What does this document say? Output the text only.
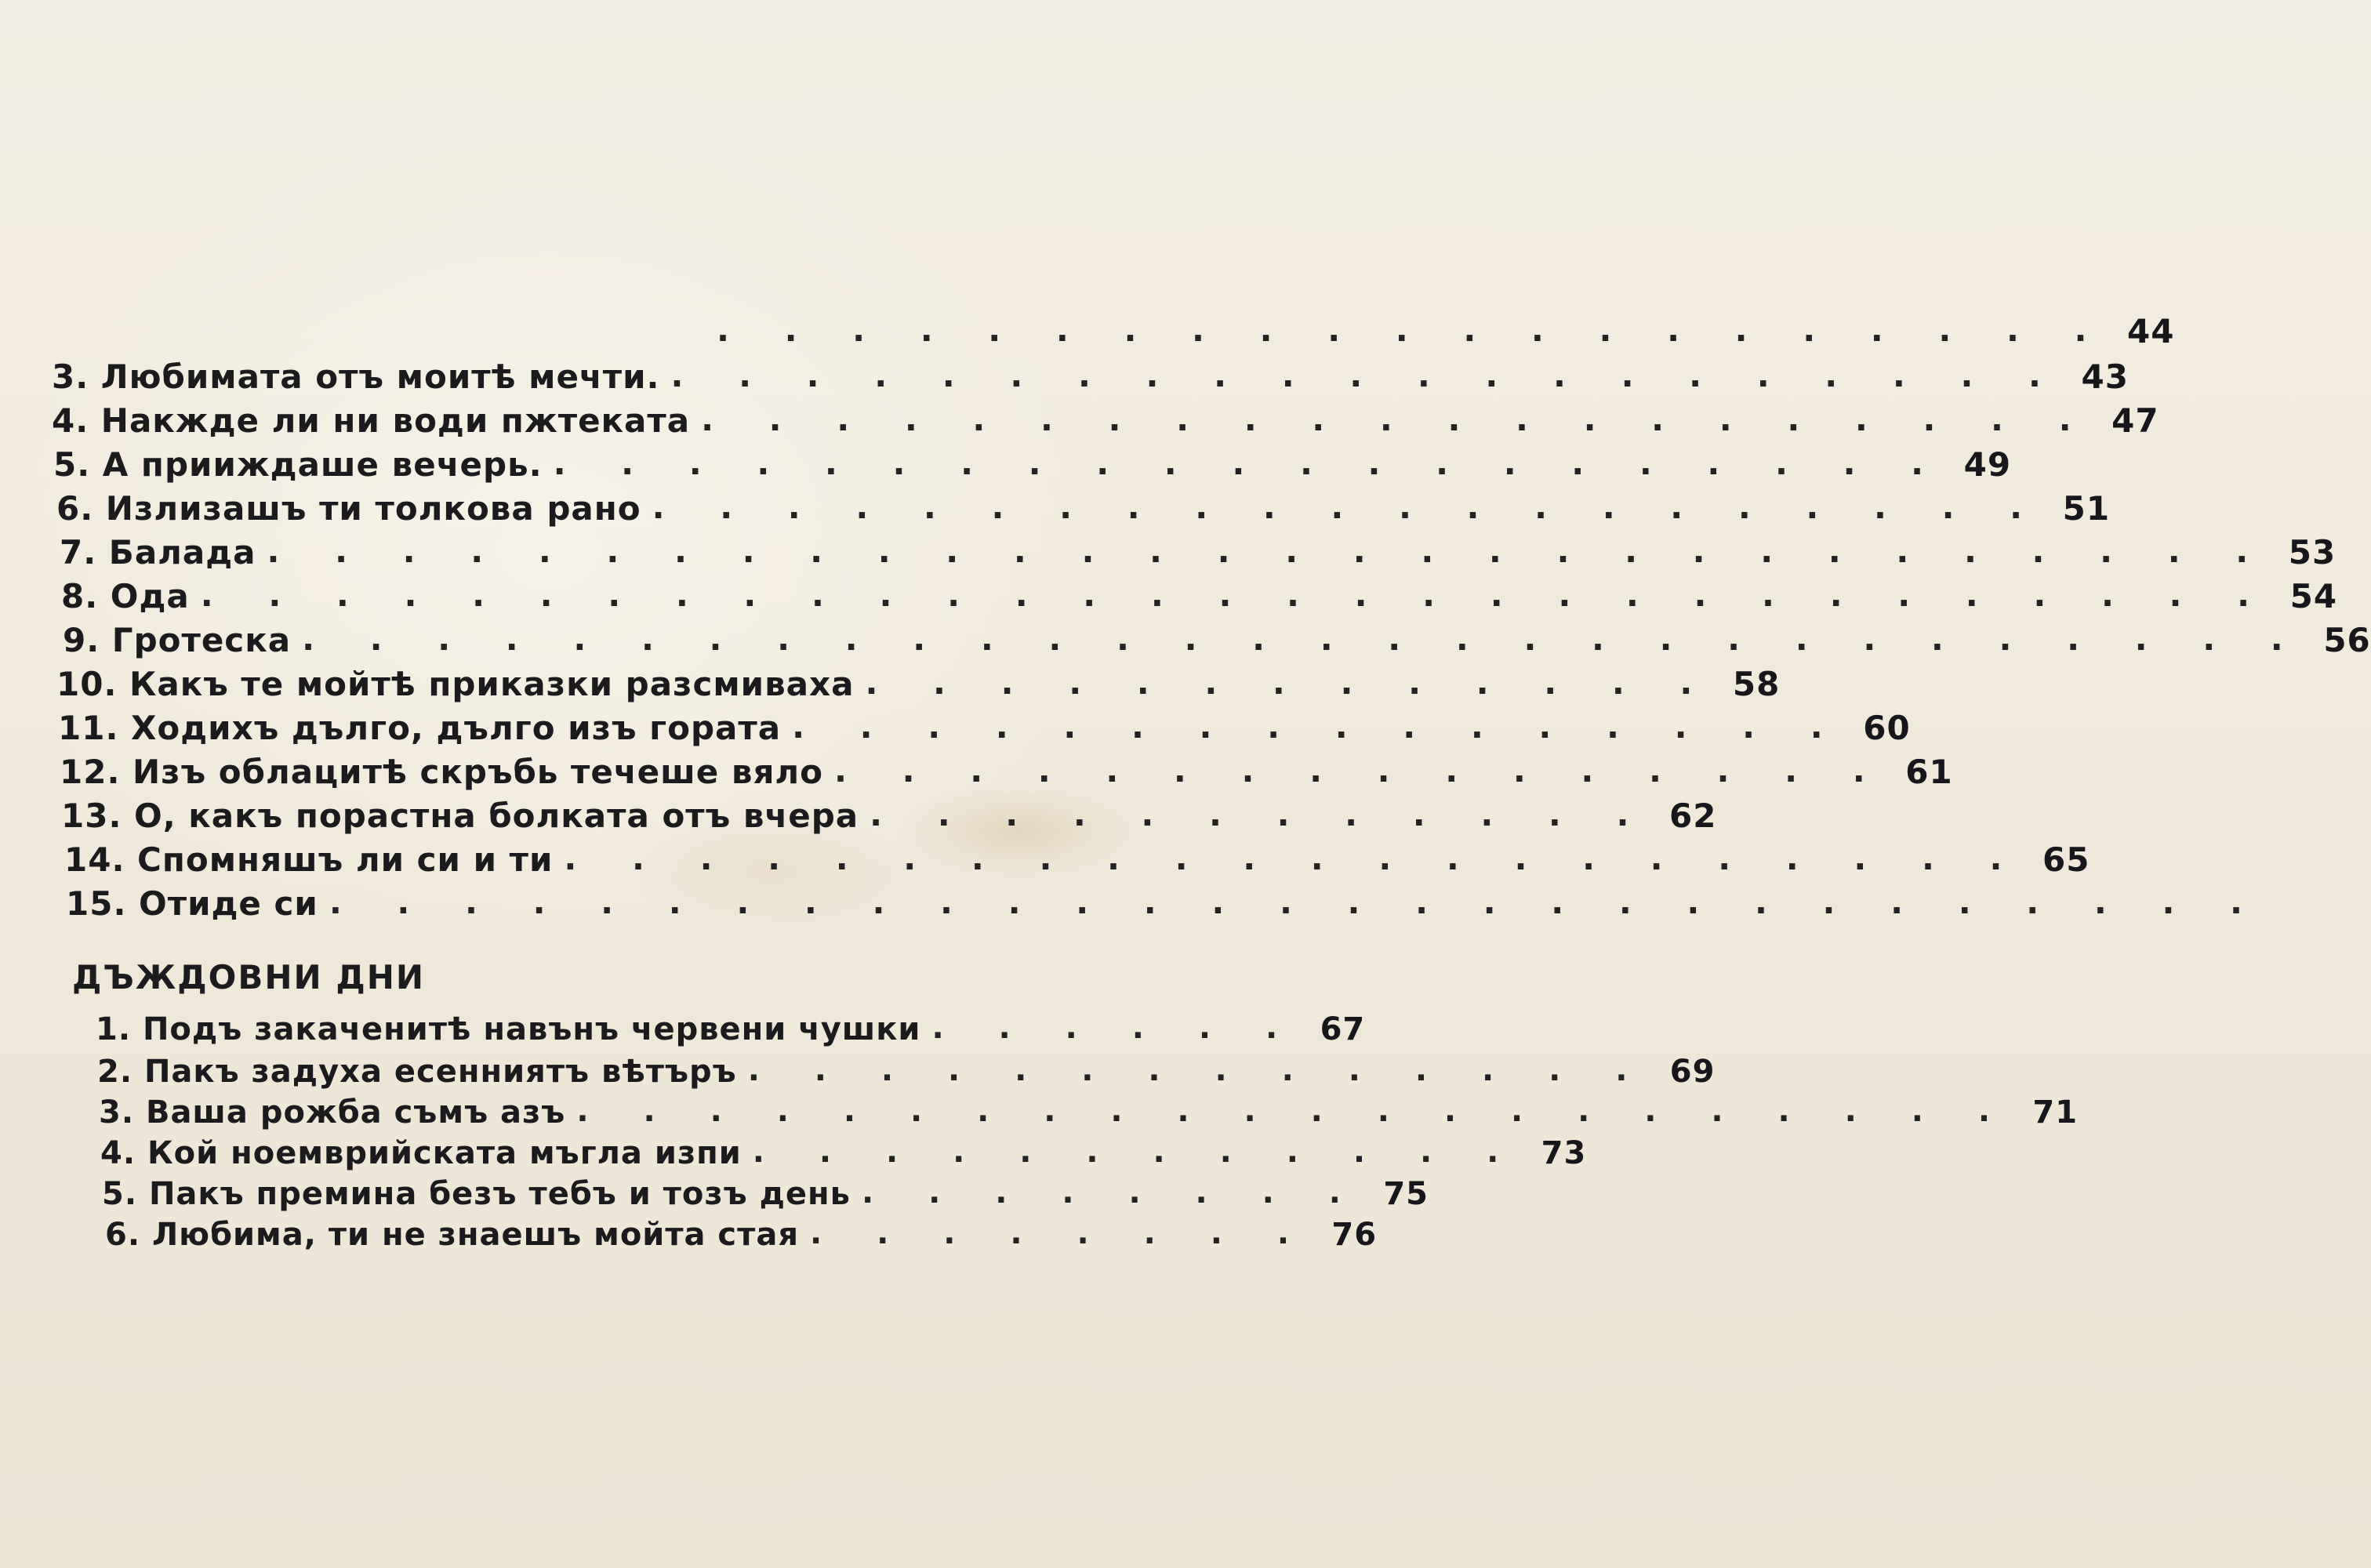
. . . . . . . . . . . . . . . . . . . . . 44
3. Любимата отъ моитѣ мечти. . . . . . . . . . . . . . . . . . . . . . 43
4. Накжде ли ни води пжтеката . . . . . . . . . . . . . . . . . . . . . 47
5. А прииждаше вечерь. . . . . . . . . . . . . . . . . . . . . . 49
6. Излизашъ ти толкова рано . . . . . . . . . . . . . . . . . . . . . 51
7. Балада . . . . . . . . . . . . . . . . . . . . . . . . . . . . . . 53
8. Ода . . . . . . . . . . . . . . . . . . . . . . . . . . . . . . . 54
9. Гротеска . . . . . . . . . . . . . . . . . . . . . . . . . . . . . . 56
10. Какъ те мойтѣ приказки разсмиваха . . . . . . . . . . . . . 58
11. Ходихъ дълго, дълго изъ гората . . . . . . . . . . . . . . . . 60
12. Изъ облацитѣ скръбь течеше вяло . . . . . . . . . . . . . . . . 61
13. О, какъ порастна болката отъ вчера . . . . . . . . . . . . 62
14. Спомняшъ ли си и ти . . . . . . . . . . . . . . . . . . . . . . 65
15. Отиде си . . . . . . . . . . . . . . . . . . . . . . . . . . . . .
ДЪЖДОВНИ ДНИ
1. Подъ закаченитѣ навънъ червени чушки . . . . . . 67
2. Пакъ задуха есенниятъ вѣтъръ . . . . . . . . . . . . . . 69
3. Ваша рожба съмъ азъ . . . . . . . . . . . . . . . . . . . . . . 71
4. Кой ноемврийската мъгла изпи . . . . . . . . . . . . 73
5. Пакъ премина безъ тебъ и тозъ день . . . . . . . . 75
6. Любима, ти не знаешъ мойта стая . . . . . . . . 76
